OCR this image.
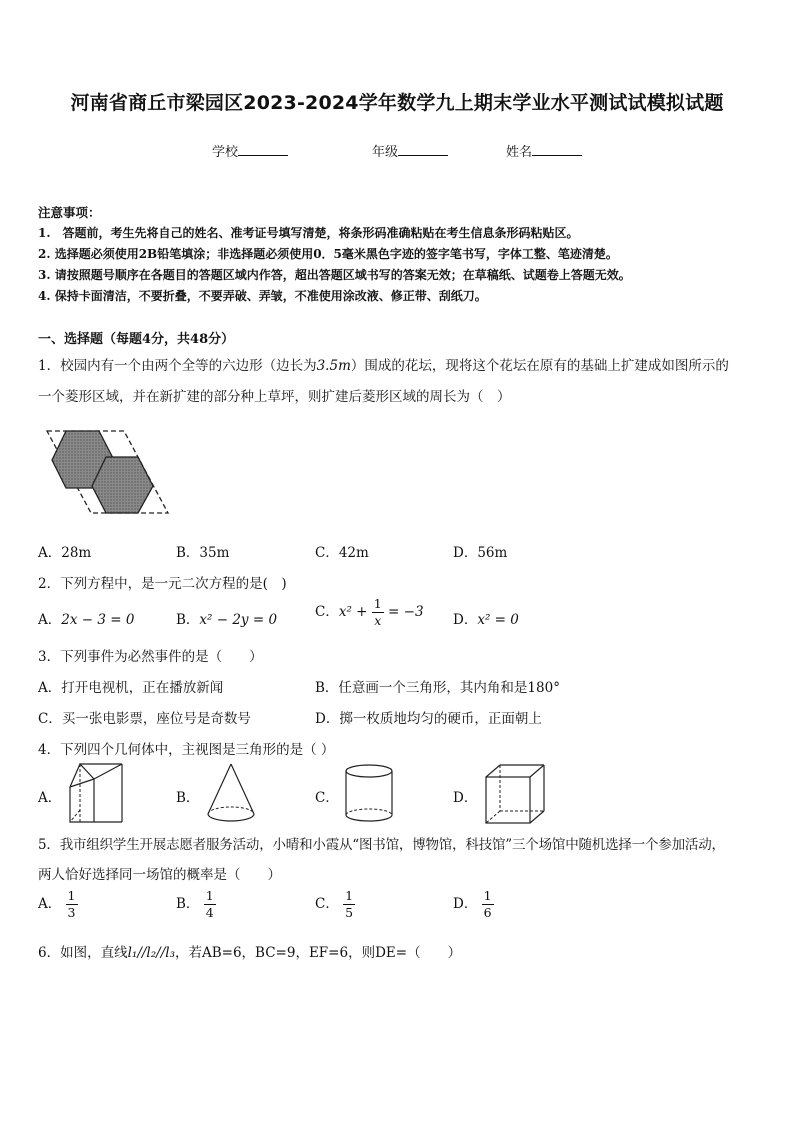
河南省商丘市梁园区2023-2024学年数学九上期末学业水平测试试模拟试题
学校	年级	姓名
注意事项：
1.　答题前，考生先将自己的姓名、准考证号填写清楚，将条形码准确粘贴在考生信息条形码粘贴区。
2. 选择题必须使用2B铅笔填涂；非选择题必须使用0．5毫米黑色字迹的签字笔书写，字体工整、笔迹清楚。
3. 请按照题号顺序在各题目的答题区域内作答，超出答题区域书写的答案无效；在草稿纸、试题卷上答题无效。
4. 保持卡面清洁，不要折叠，不要弄破、弄皱，不准使用涂改液、修正带、刮纸刀。
一、选择题（每题4分，共48分）
1．校园内有一个由两个全等的六边形（边长为3.5m）围成的花坛，现将这个花坛在原有的基础上扩建成如图所示的
一个菱形区域，并在新扩建的部分种上草坪，则扩建后菱形区域的周长为（　）
A．28m	B．35m	C．42m	D．56m
2．下列方程中，是一元二次方程的是(　)
A．2x − 3 = 0	B．x² − 2y = 0	C．$x^2 + \frac{1}{x} = -3$ D．x² = 0
3．下列事件为必然事件的是（　　）
A．打开电视机，正在播放新闻	B．任意画一个三角形，其内角和是180°
C．买一张电影票，座位号是奇数号	D．掷一枚质地均匀的硬币，正面朝上
4．下列四个几何体中，主视图是三角形的是（ ）
A．	B．	C．	D．
5．我市组织学生开展志愿者服务活动，小晴和小霞从“图书馆，博物馆，科技馆”三个场馆中随机选择一个参加活动，
两人恰好选择同一场馆的概率是（　　）
A． $\frac{1}{3}$	B． $\frac{1}{4}$	C． $\frac{1}{5}$	D． $\frac{1}{6}$
6．如图，直线l₁//l₂//l₃，若AB=6，BC=9，EF=6，则DE=（　　）
